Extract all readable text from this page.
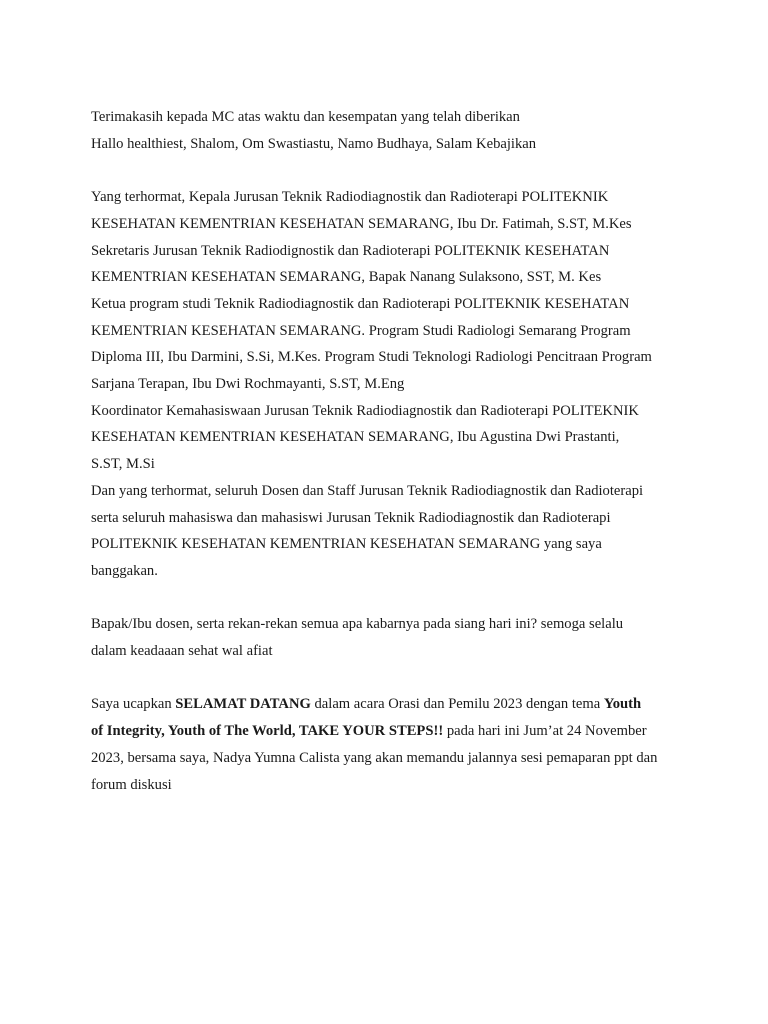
Terimakasih kepada MC atas waktu dan kesempatan yang telah diberikan

Hallo healthiest, Shalom, Om Swastiastu, Namo Budhaya, Salam Kebajikan

Yang terhormat, Kepala Jurusan Teknik Radiodiagnostik dan Radioterapi POLITEKNIK

KESEHATAN KEMENTRIAN KESEHATAN SEMARANG, Ibu Dr. Fatimah, S.ST, M.Kes

Sekretaris Jurusan Teknik Radiodignostik dan Radioterapi POLITEKNIK KESEHATAN

KEMENTRIAN KESEHATAN SEMARANG, Bapak Nanang Sulaksono, SST, M. Kes

Ketua program studi Teknik Radiodiagnostik dan Radioterapi POLITEKNIK KESEHATAN

KEMENTRIAN KESEHATAN SEMARANG. Program Studi Radiologi Semarang Program

Diploma III, Ibu Darmini, S.Si, M.Kes. Program Studi Teknologi Radiologi Pencitraan Program

Sarjana Terapan, Ibu Dwi Rochmayanti, S.ST, M.Eng

Koordinator Kemahasiswaan Jurusan Teknik Radiodiagnostik dan Radioterapi POLITEKNIK

KESEHATAN KEMENTRIAN KESEHATAN SEMARANG, Ibu Agustina Dwi Prastanti,

S.ST, M.Si

Dan yang terhormat, seluruh Dosen dan Staff Jurusan Teknik Radiodiagnostik dan Radioterapi

serta seluruh mahasiswa dan mahasiswi Jurusan Teknik Radiodiagnostik dan Radioterapi

POLITEKNIK KESEHATAN KEMENTRIAN KESEHATAN SEMARANG yang saya

banggakan.

Bapak/Ibu dosen, serta rekan-rekan semua apa kabarnya pada siang hari ini? semoga selalu

dalam keadaaan sehat wal afiat

Saya ucapkan SELAMAT DATANG dalam acara Orasi dan Pemilu 2023 dengan tema Youth

of Integrity, Youth of The World, TAKE YOUR STEPS!! pada hari ini Jum’at 24 November

2023, bersama saya, Nadya Yumna Calista yang akan memandu jalannya sesi pemaparan ppt dan

forum diskusi
